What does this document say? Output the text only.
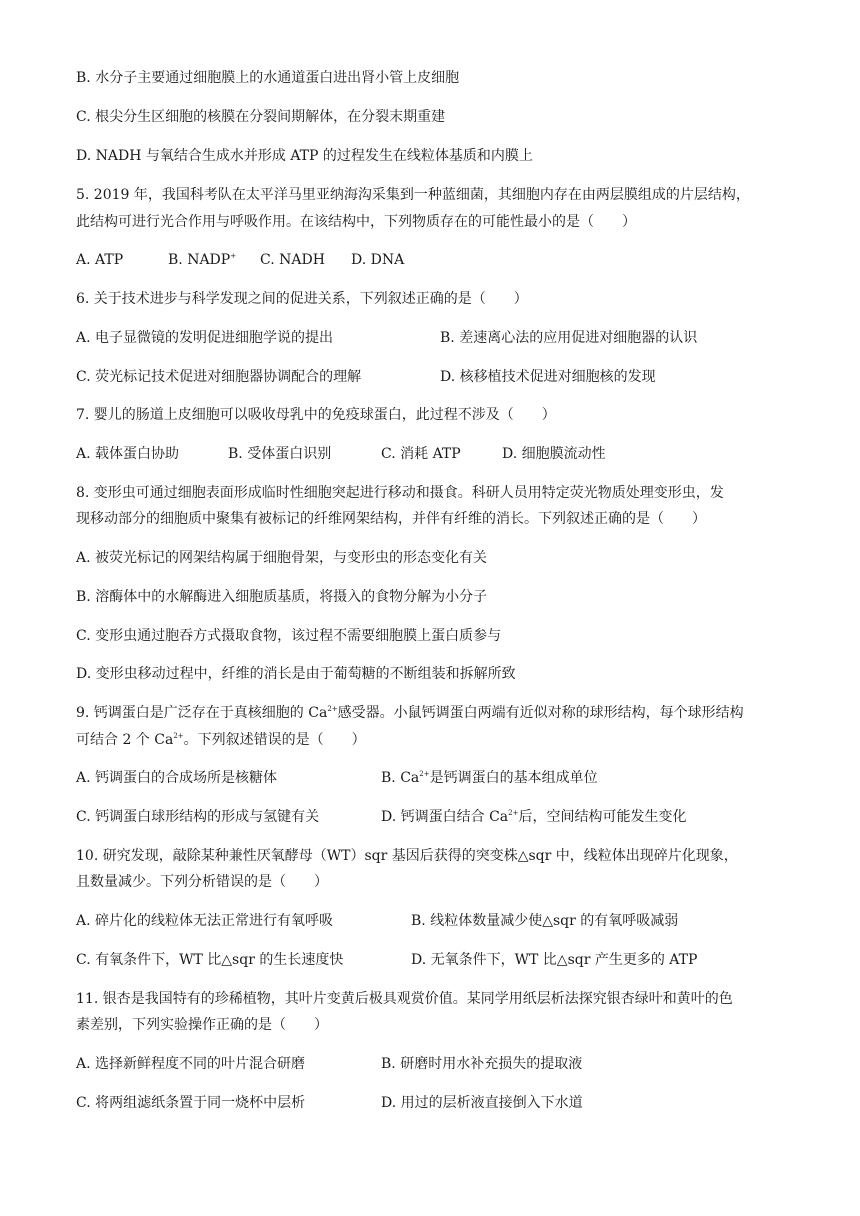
B. 水分子主要通过细胞膜上的水通道蛋白进出肾小管上皮细胞
C. 根尖分生区细胞的核膜在分裂间期解体，在分裂末期重建
D. NADH 与氧结合生成水并形成 ATP 的过程发生在线粒体基质和内膜上
5. 2019 年，我国科考队在太平洋马里亚纳海沟采集到一种蓝细菌，其细胞内存在由两层膜组成的片层结构，
此结构可进行光合作用与呼吸作用。在该结构中，下列物质存在的可能性最小的是（　　）
A. ATP	B. NADP+ C. NADH D. DNA
6. 关于技术进步与科学发现之间的促进关系，下列叙述正确的是（　　）
A. 电子显微镜的发明促进细胞学说的提出	B. 差速离心法的应用促进对细胞器的认识
C. 荧光标记技术促进对细胞器协调配合的理解	D. 核移植技术促进对细胞核的发现
7. 婴儿的肠道上皮细胞可以吸收母乳中的免疫球蛋白，此过程不涉及（　　）
A. 载体蛋白协助	B. 受体蛋白识别	C. 消耗 ATP	D. 细胞膜流动性
8. 变形虫可通过细胞表面形成临时性细胞突起进行移动和摄食。科研人员用特定荧光物质处理变形虫，发
现移动部分的细胞质中聚集有被标记的纤维网架结构，并伴有纤维的消长。下列叙述正确的是（　　）
A. 被荧光标记的网架结构属于细胞骨架，与变形虫的形态变化有关
B. 溶酶体中的水解酶进入细胞质基质，将摄入的食物分解为小分子
C. 变形虫通过胞吞方式摄取食物，该过程不需要细胞膜上蛋白质参与
D. 变形虫移动过程中，纤维的消长是由于葡萄糖的不断组装和拆解所致
9. 钙调蛋白是广泛存在于真核细胞的 $Ca^{2+}$感受器。小鼠钙调蛋白两端有近似对称的球形结构，每个球形结构
可结合 2 个 $Ca^{2+}$。下列叙述错误的是（　　）
A. 钙调蛋白的合成场所是核糖体	B. $Ca^{2+}$是钙调蛋白的基本组成单位
C. 钙调蛋白球形结构的形成与氢键有关	D. 钙调蛋白结合 $Ca^{2+}$后，空间结构可能发生变化
10. 研究发现，敲除某种兼性厌氧酵母（WT）sqr 基因后获得的突变株△sqr 中，线粒体出现碎片化现象，
且数量减少。下列分析错误的是（　　）
A. 碎片化的线粒体无法正常进行有氧呼吸	B. 线粒体数量减少使△sqr 的有氧呼吸减弱
C. 有氧条件下，WT 比△sqr 的生长速度快	D. 无氧条件下，WT 比△sqr 产生更多的 ATP
11. 银杏是我国特有的珍稀植物，其叶片变黄后极具观赏价值。某同学用纸层析法探究银杏绿叶和黄叶的色
素差别，下列实验操作正确的是（　　）
A. 选择新鲜程度不同的叶片混合研磨	B. 研磨时用水补充损失的提取液
C. 将两组滤纸条置于同一烧杯中层析	D. 用过的层析液直接倒入下水道
